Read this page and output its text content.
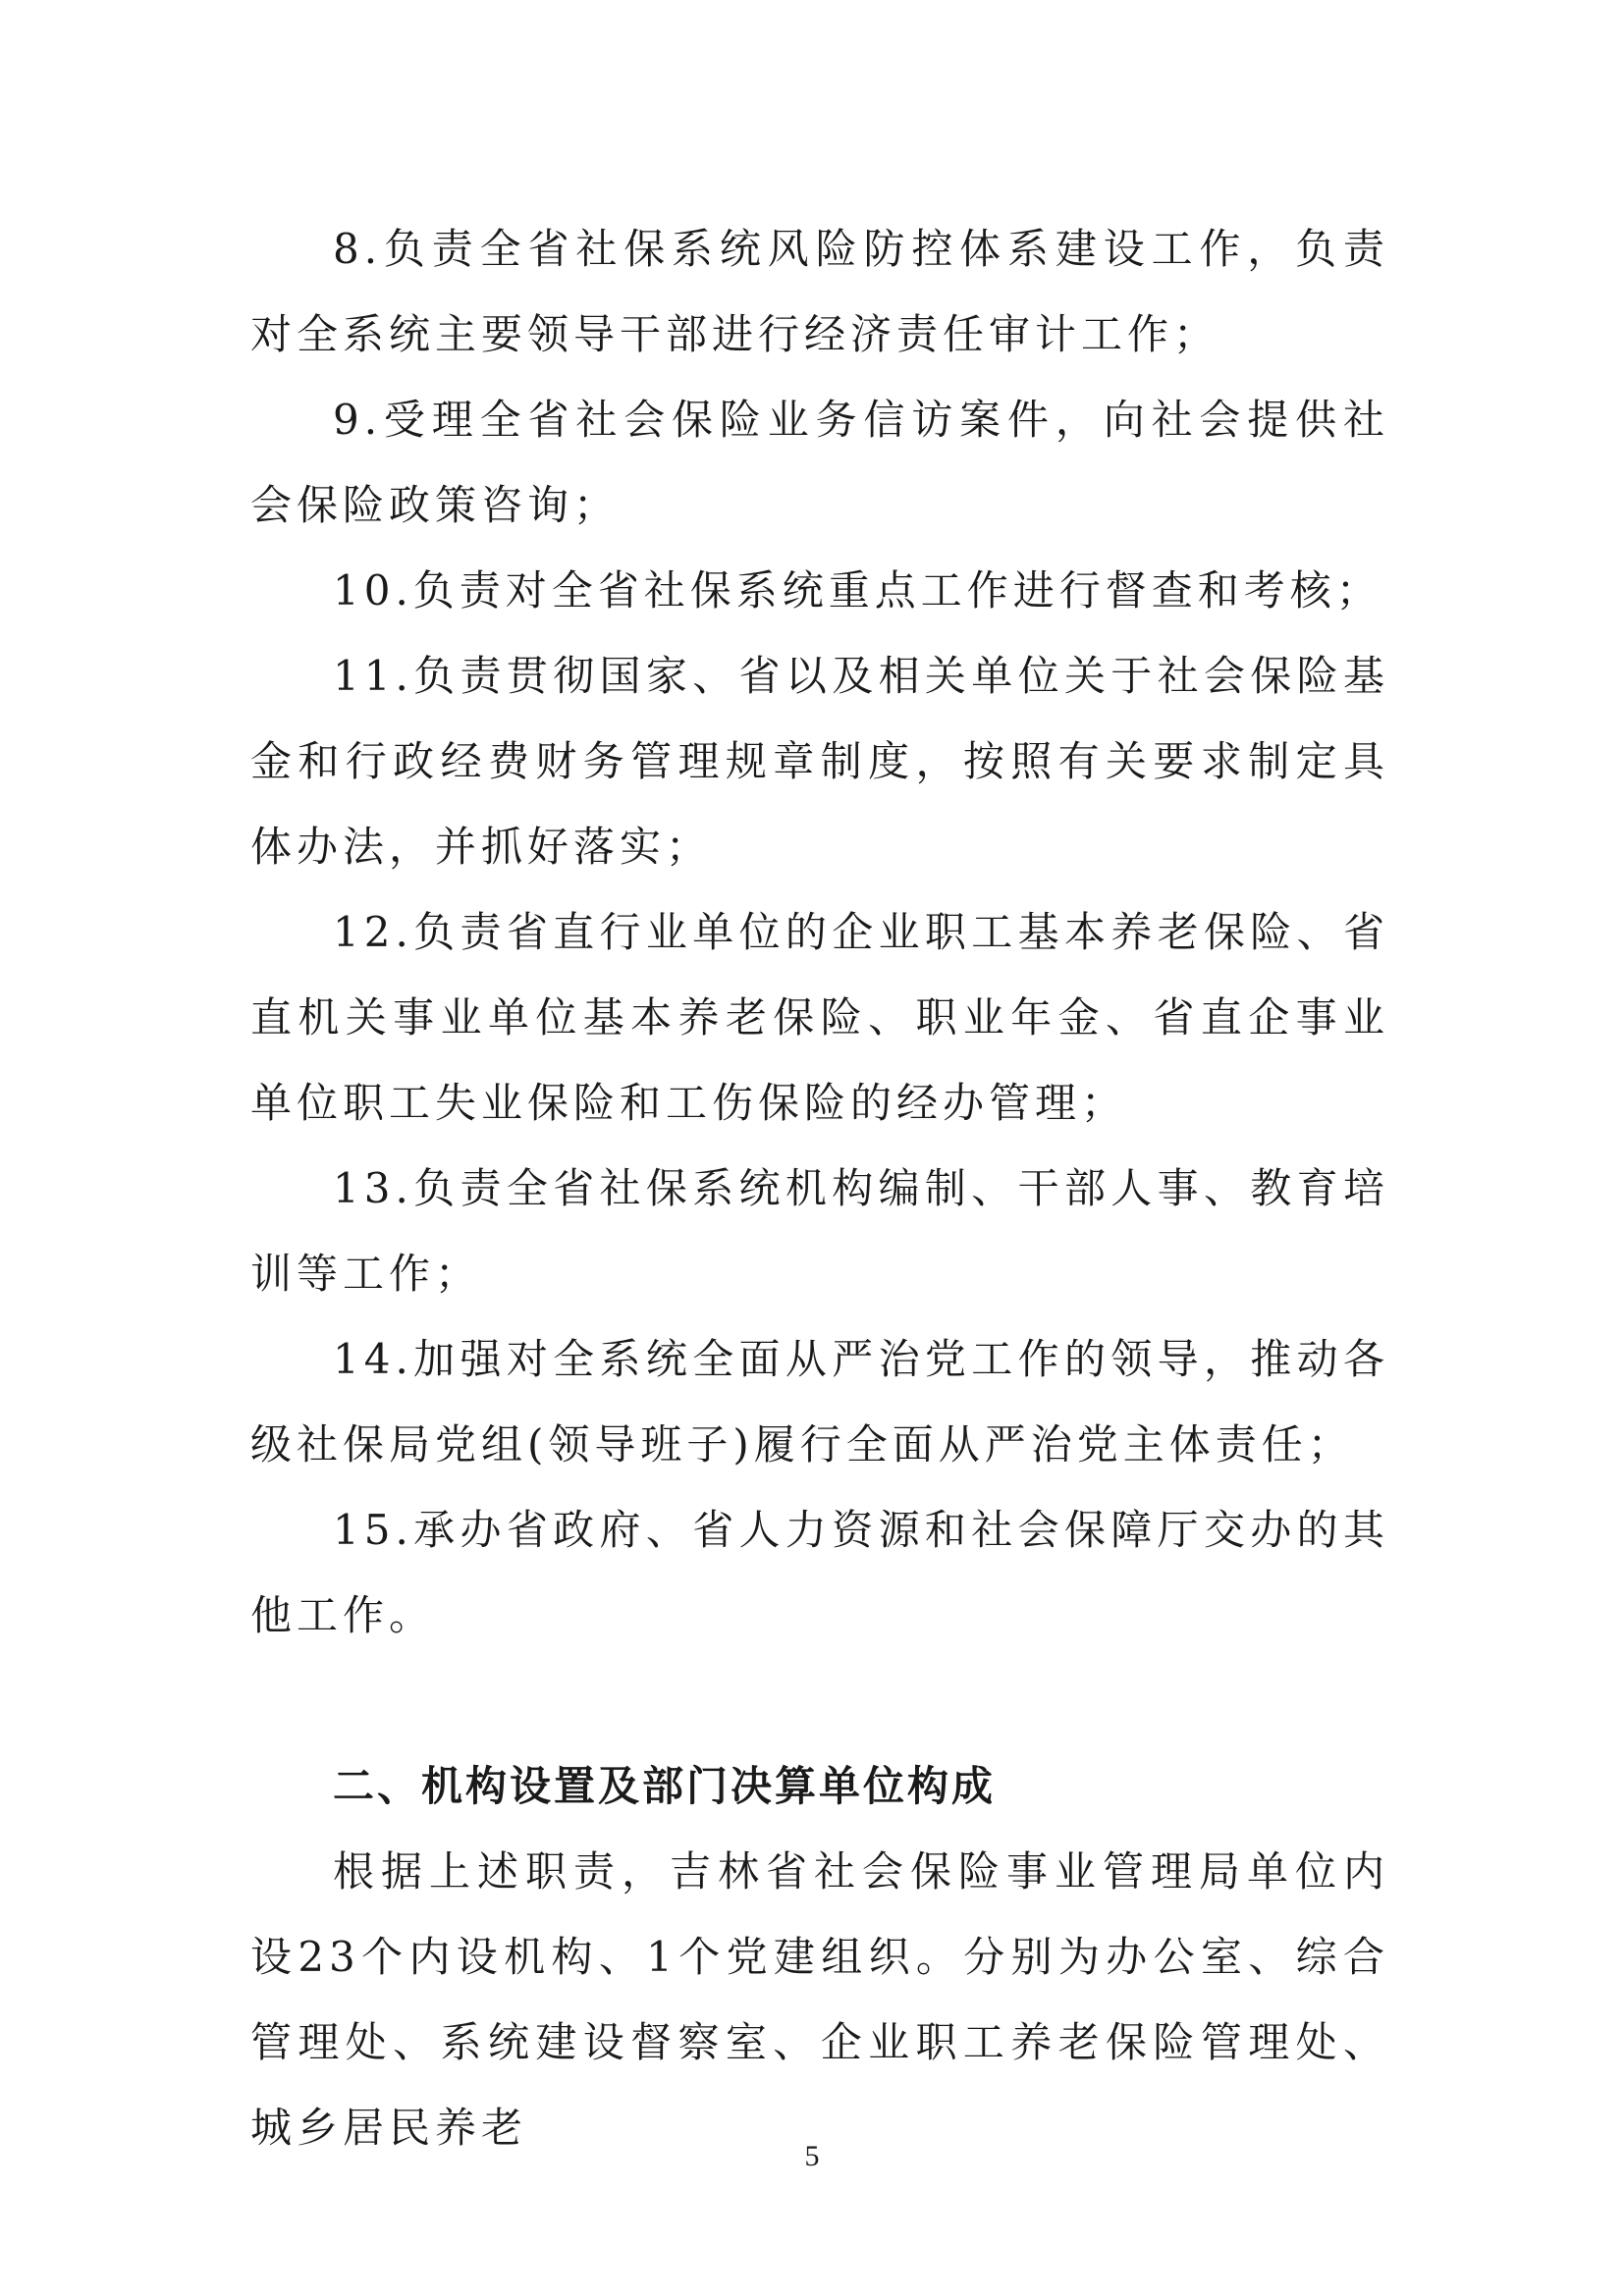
8.负责全省社保系统风险防控体系建设工作，负责对全系统主要领导干部进行经济责任审计工作；

9.受理全省社会保险业务信访案件，向社会提供社会保险政策咨询；

10.负责对全省社保系统重点工作进行督查和考核；

11.负责贯彻国家、省以及相关单位关于社会保险基金和行政经费财务管理规章制度，按照有关要求制定具体办法，并抓好落实；

12.负责省直行业单位的企业职工基本养老保险、省直机关事业单位基本养老保险、职业年金、省直企事业单位职工失业保险和工伤保险的经办管理；

13.负责全省社保系统机构编制、干部人事、教育培训等工作；

14.加强对全系统全面从严治党工作的领导，推动各级社保局党组(领导班子)履行全面从严治党主体责任；

15.承办省政府、省人力资源和社会保障厅交办的其他工作。

二、机构设置及部门决算单位构成

根据上述职责，吉林省社会保险事业管理局单位内设23个内设机构、1个党建组织。分别为办公室、综合管理处、系统建设督察室、企业职工养老保险管理处、城乡居民养老

5
